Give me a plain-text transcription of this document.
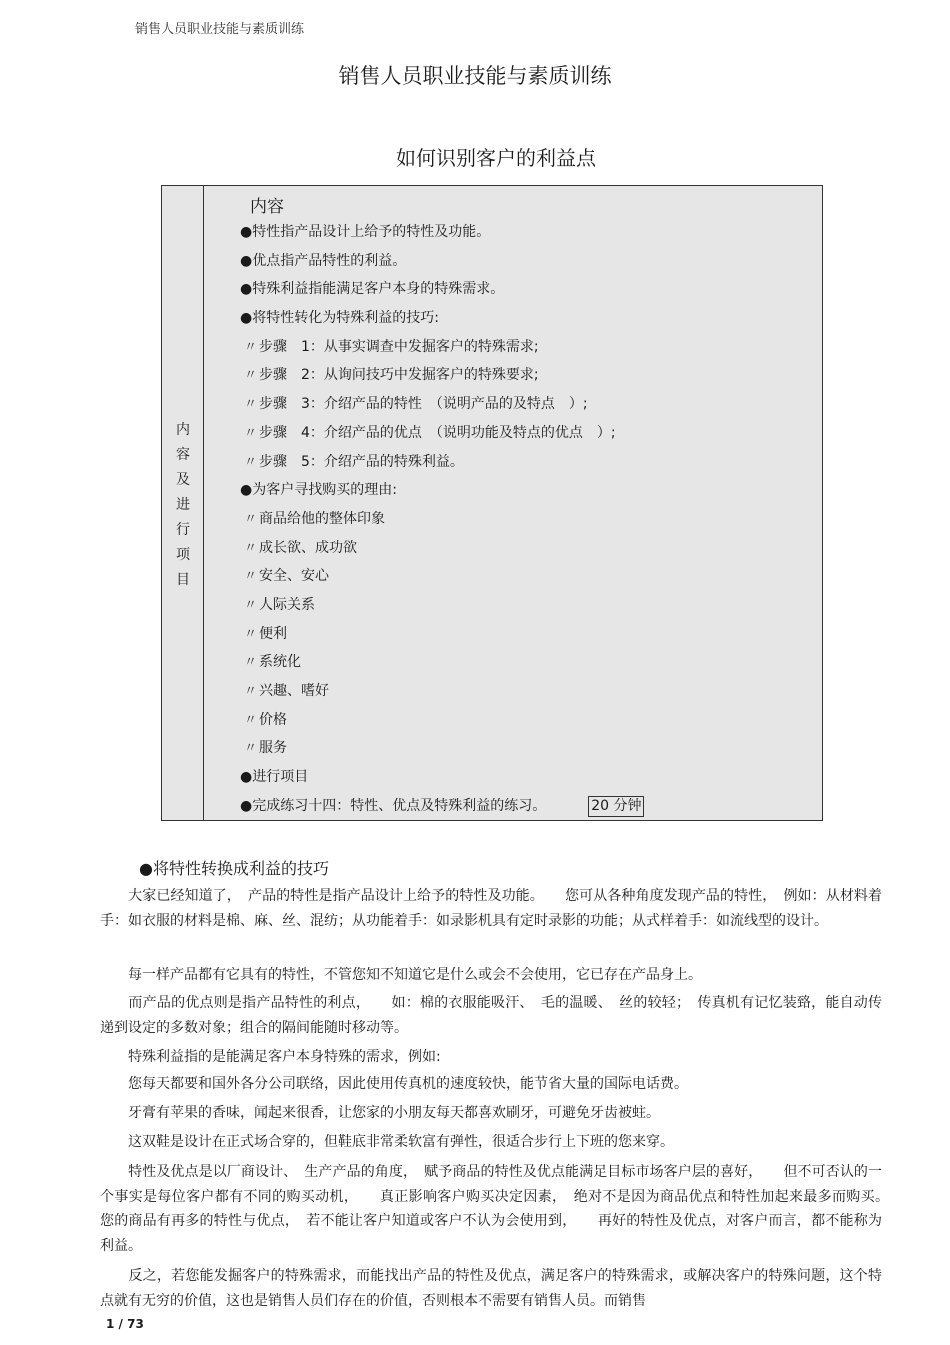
销售人员职业技能与素质训练
销售人员职业技能与素质训练
如何识别客户的利益点
内
容
及
进
行
项
目
内容
●特性指产品设计上给予的特性及功能。
●优点指产品特性的利益。
●特殊利益指能满足客户本身的特殊需求。
●将特性转化为特殊利益的技巧:
〃 步骤　1：从事实调查中发掘客户的特殊需求;
〃 步骤　2：从询问技巧中发掘客户的特殊要求;
〃 步骤　3：介绍产品的特性　（说明产品的及特点　）;
〃 步骤　4：介绍产品的优点　（说明功能及特点的优点　）;
〃 步骤　5：介绍产品的特殊利益。
●为客户寻找购买的理由:
〃 商品给他的整体印象
〃 成长欲、成功欲
〃 安全、安心
〃 人际关系
〃 便利
〃 系统化
〃 兴趣、嗜好
〃 价格
〃 服务
●进行项目
●完成练习十四：特性、优点及特殊利益的练习。	20 分钟
●将特性转换成利益的技巧
　　大家已经知道了，　产品的特性是指产品设计上给予的特性及功能。　　您可从各种角度发现产品的特性，　例如：从材料着手：如衣服的材料是棉、麻、丝、混纺；从功能着手：如录影机具有定时录影的功能；从式样着手：如流线型的设计。
　　每一样产品都有它具有的特性，不管您知不知道它是什么或会不会使用，它已存在产品身上。
　　而产品的优点则是指产品特性的利点，　　如：棉的衣服能吸汗、　毛的温暖、　丝的较轻；　传真机有记忆装臵，能自动传递到设定的多数对象；组合的隔间能随时移动等。
　　特殊利益指的是能满足客户本身特殊的需求，例如:
　　您每天都要和国外各分公司联络，因此使用传真机的速度较快，能节省大量的国际电话费。
　　牙膏有苹果的香味，闻起来很香，让您家的小朋友每天都喜欢刷牙，可避免牙齿被蛀。
　　这双鞋是设计在正式场合穿的，但鞋底非常柔软富有弹性，很适合步行上下班的您来穿。
　　特性及优点是以厂商设计、　生产产品的角度，　赋予商品的特性及优点能满足目标市场客户层的喜好，　　但不可否认的一个事实是每位客户都有不同的购买动机，　　真正影响客户购买决定因素，　绝对不是因为商品优点和特性加起来最多而购买。　您的商品有再多的特性与优点，　若不能让客户知道或客户不认为会使用到，　　再好的特性及优点，对客户而言，都不能称为利益。
　　反之，若您能发掘客户的特殊需求，而能找出产品的特性及优点，满足客户的特殊需求，或解决客户的特殊问题，这个特点就有无穷的价值，这也是销售人员们存在的价值，否则根本不需要有销售人员。而销售
1 / 73
